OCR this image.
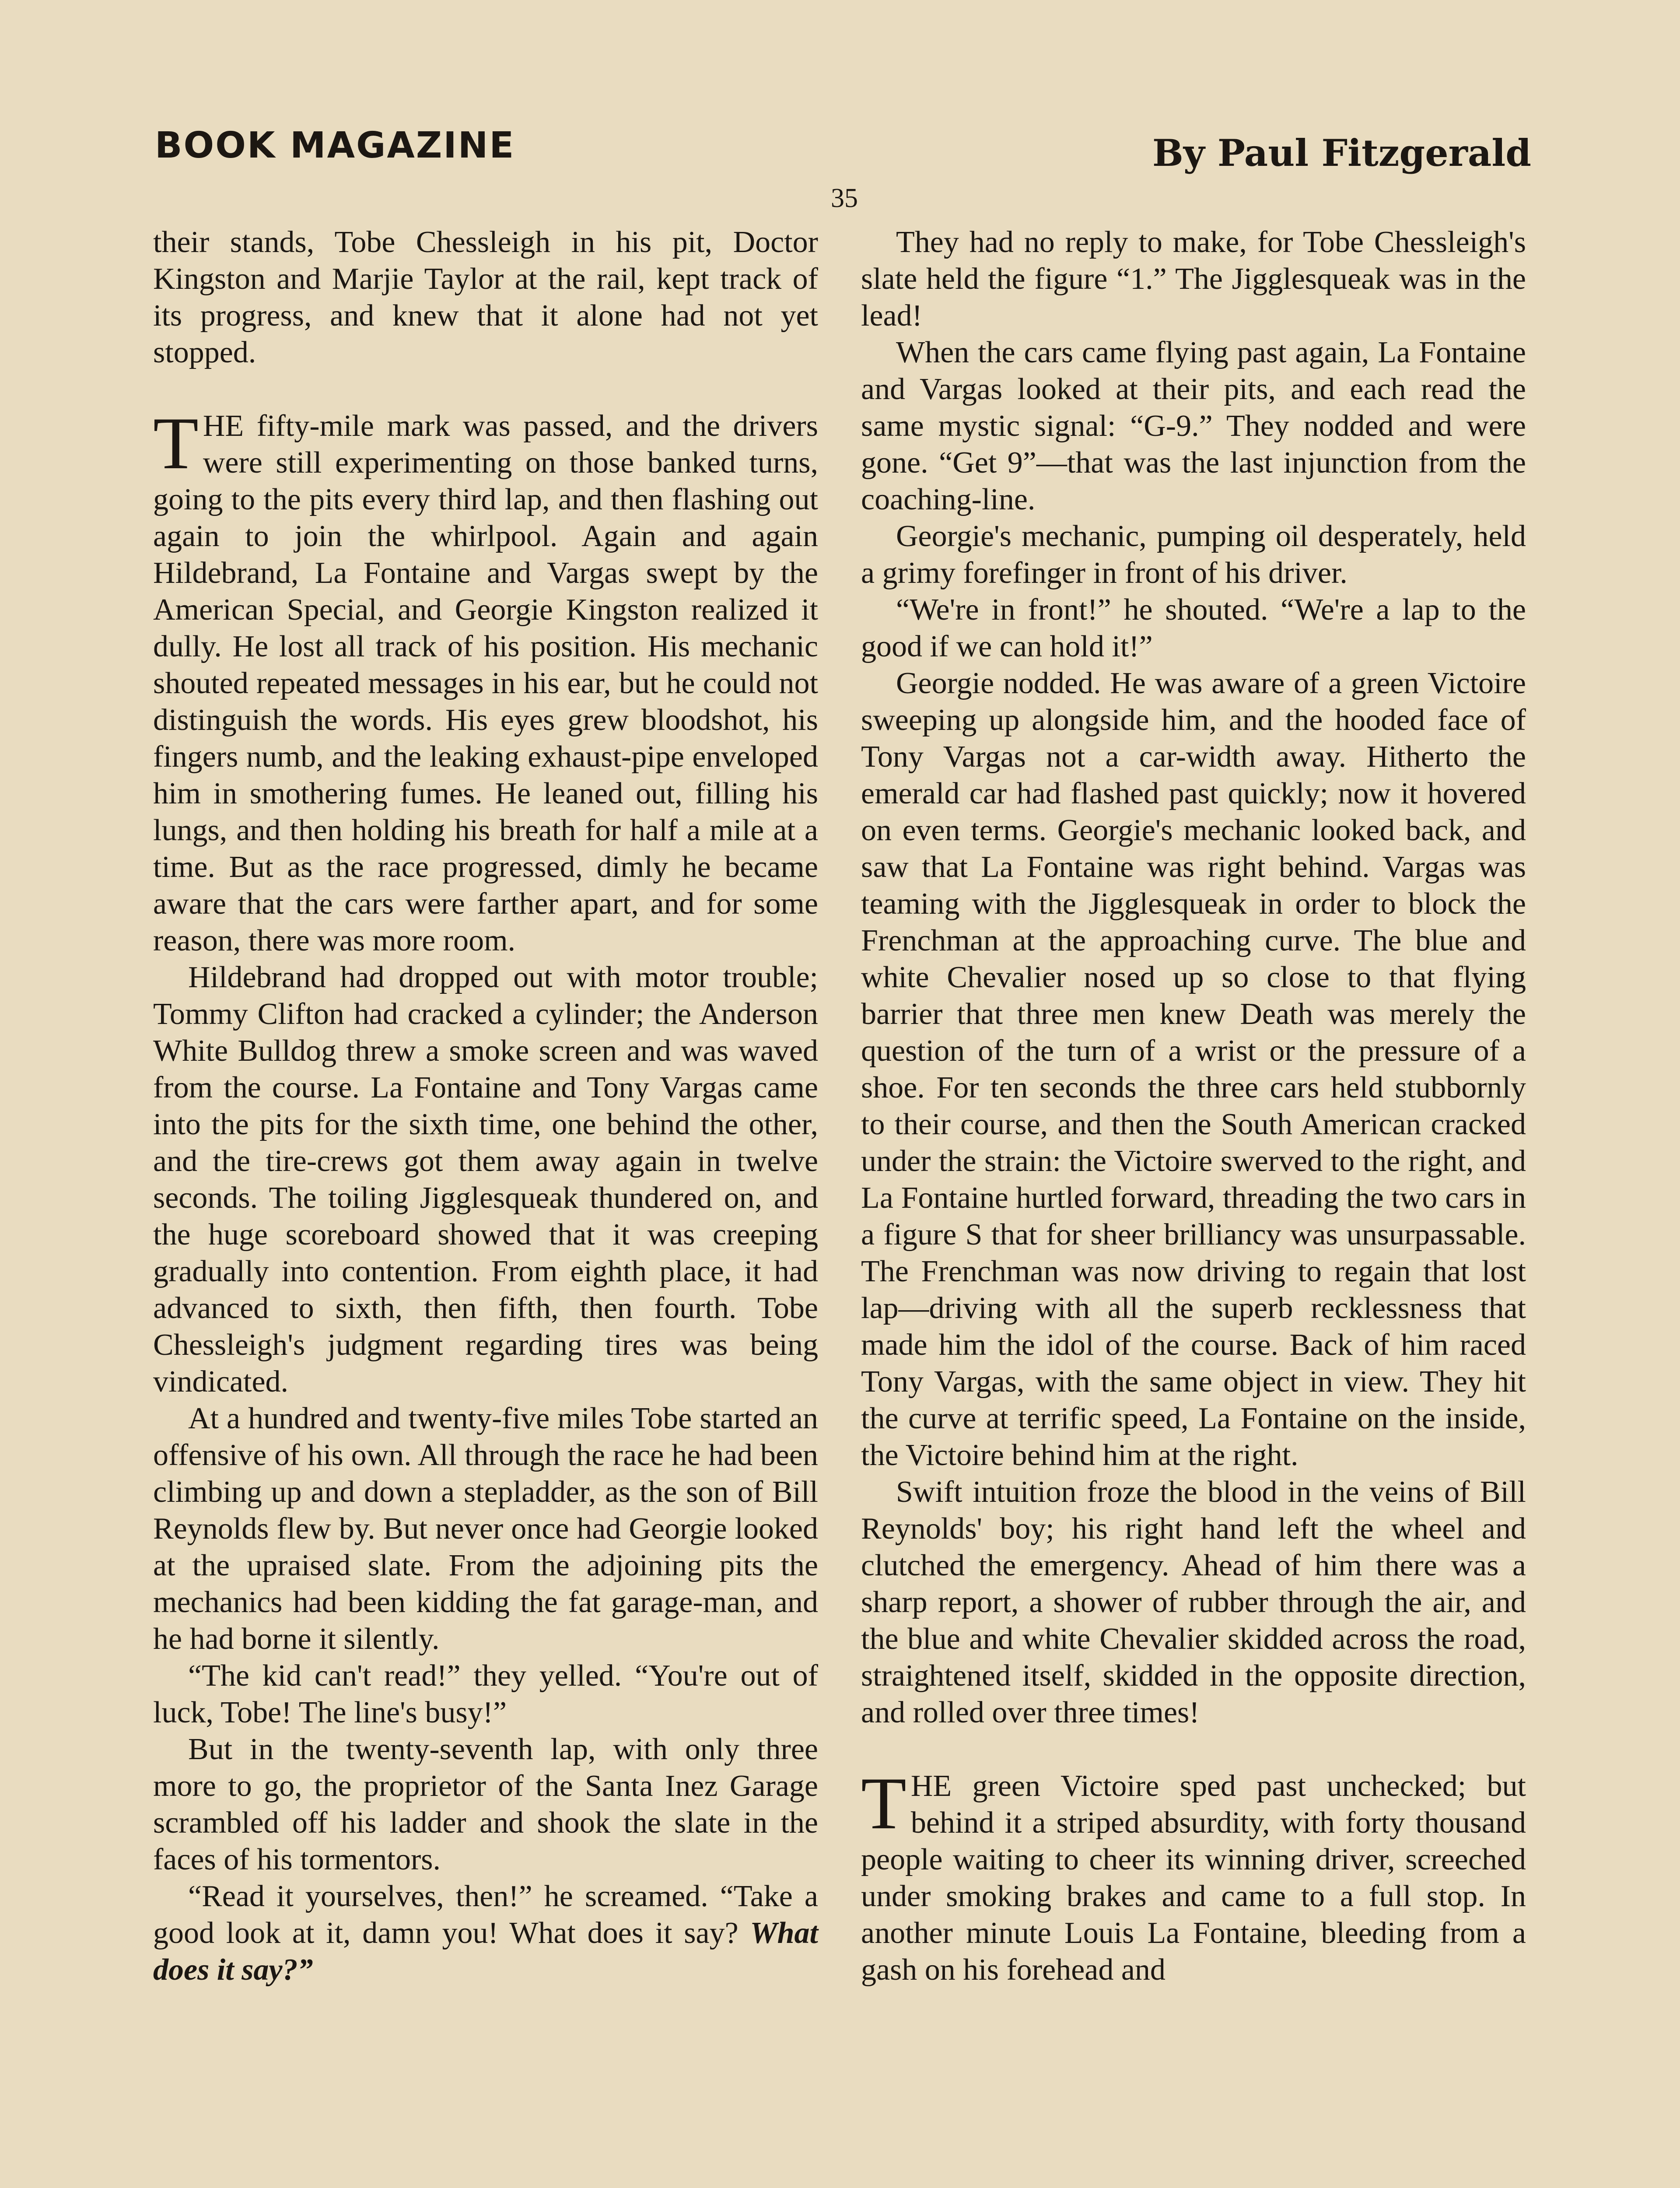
BOOK MAGAZINE	By Paul Fitzgerald
35

their stands, Tobe Chessleigh in his pit, Doctor Kingston and Marjie Taylor at the rail, kept track of its progress, and knew that it alone had not yet stopped.

THE fifty-mile mark was passed, and the drivers were still experimenting on those banked turns, going to the pits every third lap, and then flashing out again to join the whirlpool. Again and again Hildebrand, La Fontaine and Vargas swept by the American Special, and Georgie Kingston realized it dully. He lost all track of his position. His mechanic shouted repeated messages in his ear, but he could not distinguish the words. His eyes grew bloodshot, his fingers numb, and the leaking exhaust-pipe enveloped him in smothering fumes. He leaned out, filling his lungs, and then holding his breath for half a mile at a time. But as the race progressed, dimly he became aware that the cars were farther apart, and for some reason, there was more room.

Hildebrand had dropped out with motor trouble; Tommy Clifton had cracked a cylinder; the Anderson White Bulldog threw a smoke screen and was waved from the course. La Fontaine and Tony Vargas came into the pits for the sixth time, one behind the other, and the tire-crews got them away again in twelve seconds. The toiling Jigglesqueak thundered on, and the huge scoreboard showed that it was creeping gradually into contention. From eighth place, it had advanced to sixth, then fifth, then fourth. Tobe Chessleigh's judgment regarding tires was being vindicated.

At a hundred and twenty-five miles Tobe started an offensive of his own. All through the race he had been climbing up and down a stepladder, as the son of Bill Reynolds flew by. But never once had Georgie looked at the upraised slate. From the adjoining pits the mechanics had been kidding the fat garage-man, and he had borne it silently.

“The kid can't read!” they yelled. “You're out of luck, Tobe! The line's busy!”

But in the twenty-seventh lap, with only three more to go, the proprietor of the Santa Inez Garage scrambled off his ladder and shook the slate in the faces of his tormentors.

“Read it yourselves, then!” he screamed. “Take a good look at it, damn you! What does it say? What does it say?”

They had no reply to make, for Tobe Chessleigh's slate held the figure “1.” The Jigglesqueak was in the lead!

When the cars came flying past again, La Fontaine and Vargas looked at their pits, and each read the same mystic signal: “G-9.” They nodded and were gone. “Get 9”—that was the last injunction from the coaching-line.

Georgie's mechanic, pumping oil desperately, held a grimy forefinger in front of his driver.

“We're in front!” he shouted. “We're a lap to the good if we can hold it!”

Georgie nodded. He was aware of a green Victoire sweeping up alongside him, and the hooded face of Tony Vargas not a car-width away. Hitherto the emerald car had flashed past quickly; now it hovered on even terms. Georgie's mechanic looked back, and saw that La Fontaine was right behind. Vargas was teaming with the Jigglesqueak in order to block the Frenchman at the approaching curve. The blue and white Chevalier nosed up so close to that flying barrier that three men knew Death was merely the question of the turn of a wrist or the pressure of a shoe. For ten seconds the three cars held stubbornly to their course, and then the South American cracked under the strain: the Victoire swerved to the right, and La Fontaine hurtled forward, threading the two cars in a figure S that for sheer brilliancy was unsurpassable. The Frenchman was now driving to regain that lost lap—driving with all the superb recklessness that made him the idol of the course. Back of him raced Tony Vargas, with the same object in view. They hit the curve at terrific speed, La Fontaine on the inside, the Victoire behind him at the right.

Swift intuition froze the blood in the veins of Bill Reynolds' boy; his right hand left the wheel and clutched the emergency. Ahead of him there was a sharp report, a shower of rubber through the air, and the blue and white Chevalier skidded across the road, straightened itself, skidded in the opposite direction, and rolled over three times!

THE green Victoire sped past unchecked; but behind it a striped absurdity, with forty thousand people waiting to cheer its winning driver, screeched under smoking brakes and came to a full stop. In another minute Louis La Fontaine, bleeding from a gash on his forehead and
